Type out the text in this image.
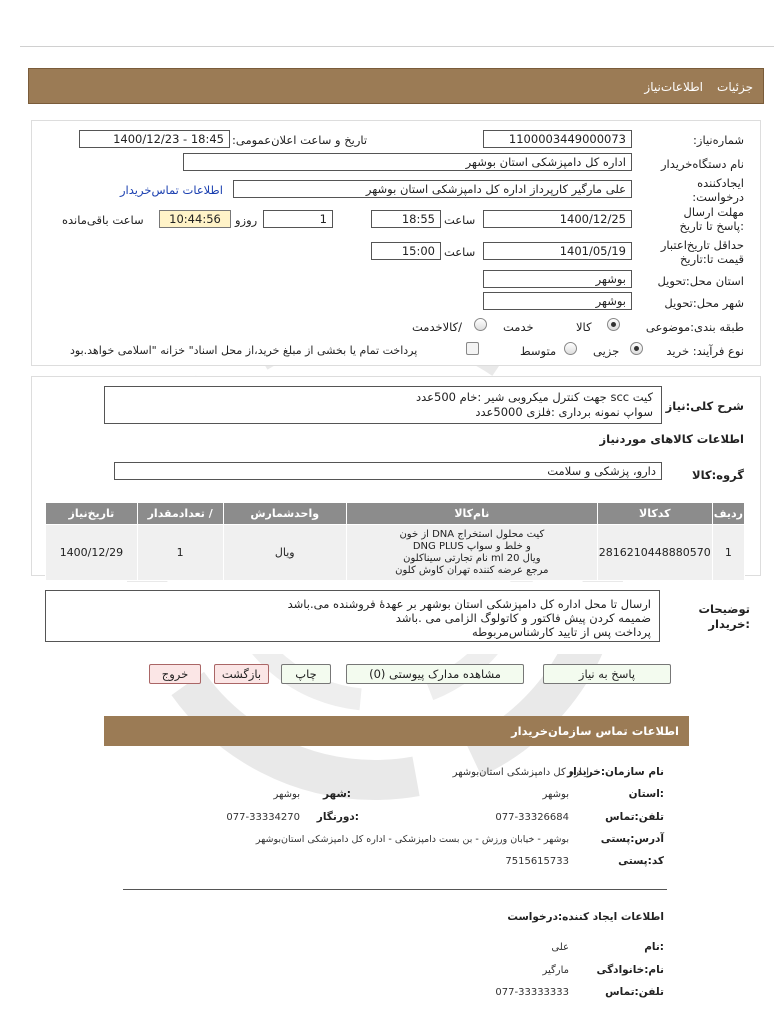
جزئیات
اطلاعات‌نیاز
شماره‌نیاز:
1100003449000073
تاریخ و ساعت اعلان‌عمومی:
1400/12/23 - 18:45
نام دستگاه‌خریدار
اداره کل دامپزشکی استان بوشهر
ایجادکننده درخواست:
علی مارگیر کارپرداز اداره کل دامپزشکی استان بوشهر
اطلاعات تماس‌خریدار
مهلت ارسال :پاسخ تا تاریخ
1400/12/25
ساعت
18:55
1
روزو
10:44:56
ساعت باقی‌مانده
حداقل تاریخ‌اعتبار قیمت تا:تاریخ
1401/05/19
ساعت
15:00
استان محل:تحویل
بوشهر
شهر محل:تحویل
بوشهر
طبقه بندی:موضوعی
کالا
خدمت
/کالاخدمت
نوع فرآیند: خرید
جزیی
متوسط
پرداخت تمام یا بخشی از مبلغ خرید،از محل اسناد" خزانه "اسلامی خواهد.بود
شرح کلی:نیاز
کیت scc جهت کنترل میکروبی شیر :خام 500عدد
سواپ نمونه برداری :فلزی 5000عدد
اطلاعات کالاهای موردنیاز
گروه:کالا
دارو، پزشکی و سلامت
ردیف	کدکالا	نام‌کالا	واحدشمارش	/ تعدادمقدار	تاریخ‌نیاز
1	2816210448880570	کیت محلول استخراج DNA از خون
و خلط و سواپ DNG PLUS
ویال 20 ml نام تجارتی سیناکلون
مرجع عرضه کننده تهران کاوش کلون	ویال	1	1400/12/29
توضیحات :خریدار
ارسال تا محل اداره کل دامپزشکی استان بوشهر بر عهدهٔ فروشنده می.باشد
ضمیمه کردن پیش فاکتور و کاتولوگ الزامی می .باشد
پرداخت پس از تایید کارشناس‌مربوطه
پاسخ به نیاز
مشاهده مدارک پیوستی (0)
چاپ
بازگشت
خروج
اطلاعات تماس سازمان‌خریدار
نام سازمان:خریدار
اداره کل دامپزشکی استان‌بوشهر
:استان
بوشهر
:شهر
بوشهر
تلفن:تماس
077-33326684
:دورنگار
077-33334270
آدرس:پستی
بوشهر - خیابان ورزش - بن بست دامپزشکی - اداره کل دامپزشکی استان‌بوشهر
کد:پستی
7515615733
اطلاعات ایجاد کننده:درخواست
:نام
علی
نام:خانوادگی
مارگیر
تلفن:تماس
077-33333333
